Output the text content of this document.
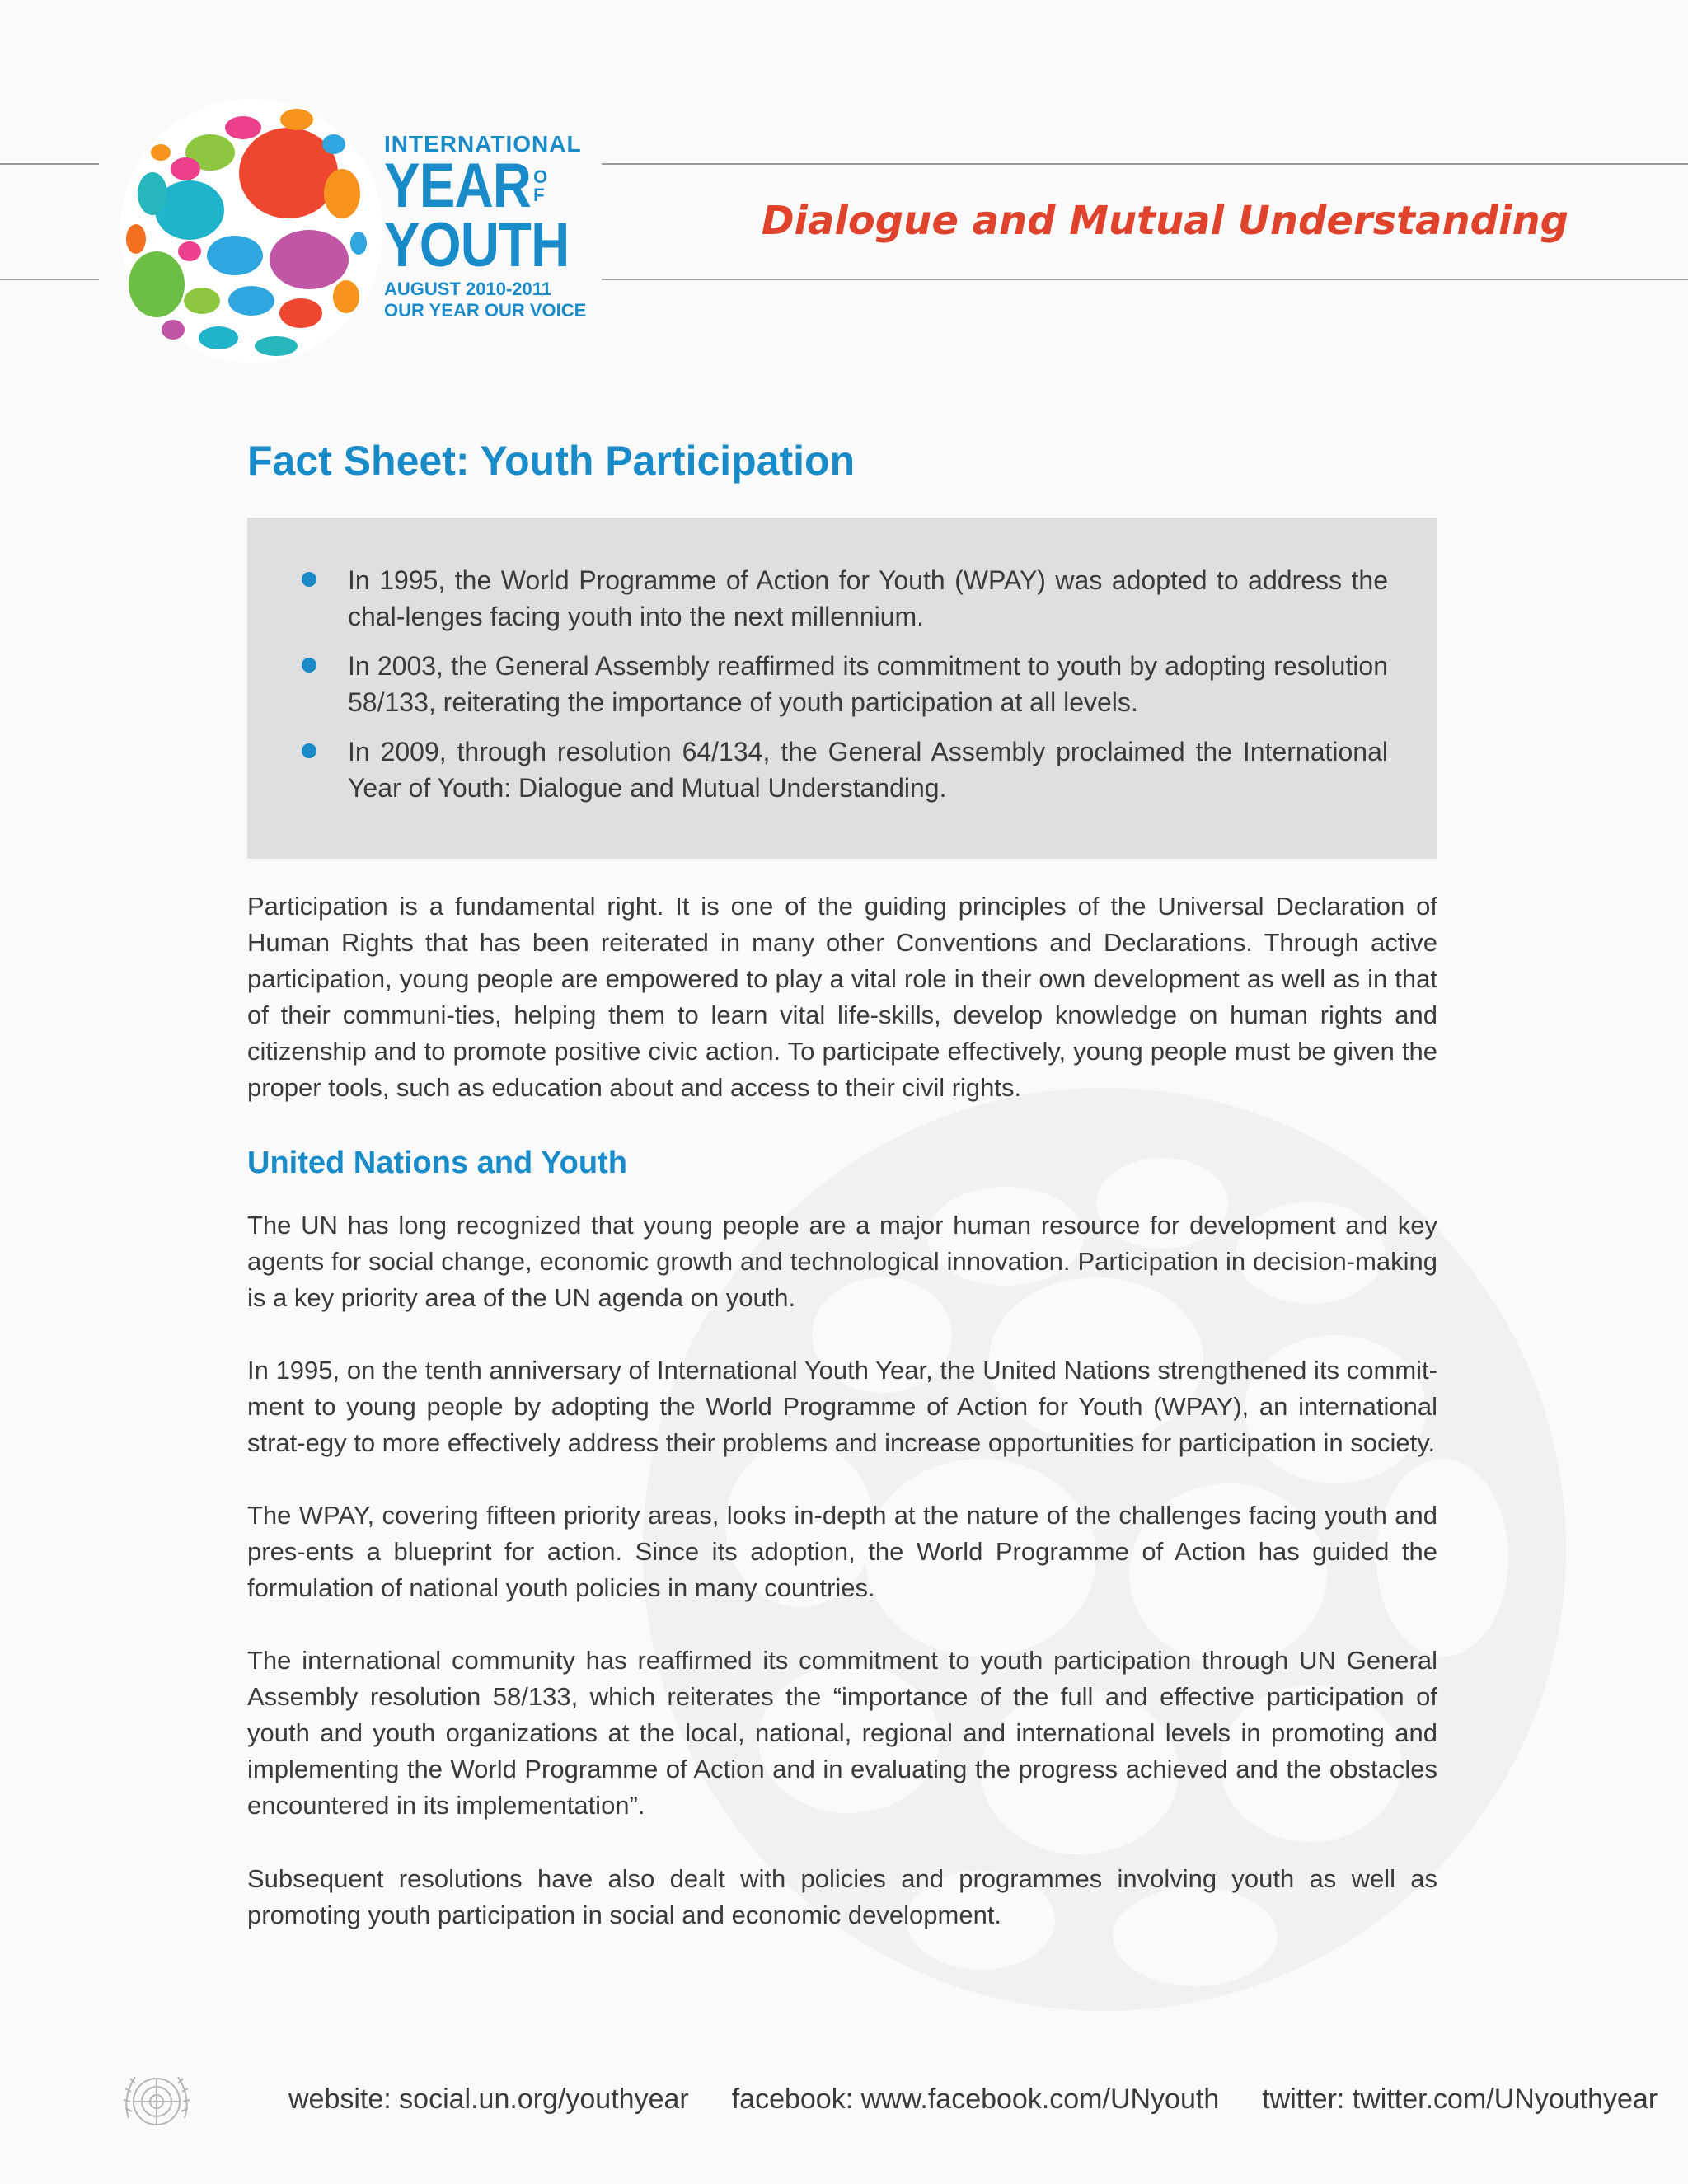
INTERNATIONAL
YEAR O
F
YOUTH
AUGUST 2010-2011
OUR YEAR OUR VOICE
Dialogue and Mutual Understanding
Fact Sheet: Youth Participation
In 1995, the World Programme of Action for Youth (WPAY) was adopted to address the chal-lenges facing youth into the next millennium.
In 2003, the General Assembly reaffirmed its commitment to youth by adopting resolution 58/133, reiterating the importance of youth participation at all levels.
In 2009, through resolution 64/134, the General Assembly proclaimed the International Year of Youth: Dialogue and Mutual Understanding.

Participation is a fundamental right. It is one of the guiding principles of the Universal Declaration of Human Rights that has been reiterated in many other Conventions and Declarations. Through active participation, young people are empowered to play a vital role in their own development as well as in that of their communi-ties, helping them to learn vital life-skills, develop knowledge on human rights and citizenship and to promote positive civic action. To participate effectively, young people must be given the proper tools, such as education about and access to their civil rights.

United Nations and Youth

The UN has long recognized that young people are a major human resource for development and key agents for social change, economic growth and technological innovation. Participation in decision-making is a key priority area of the UN agenda on youth.

In 1995, on the tenth anniversary of International Youth Year, the United Nations strengthened its commit-ment to young people by adopting the World Programme of Action for Youth (WPAY), an international strat-egy to more effectively address their problems and increase opportunities for participation in society.

The WPAY, covering fifteen priority areas, looks in-depth at the nature of the challenges facing youth and pres-ents a blueprint for action. Since its adoption, the World Programme of Action has guided the formulation of national youth policies in many countries.

The international community has reaffirmed its commitment to youth participation through UN General Assembly resolution 58/133, which reiterates the “importance of the full and effective participation of youth and youth organizations at the local, national, regional and international levels in promoting and implementing the World Programme of Action and in evaluating the progress achieved and the obstacles encountered in its implementation”.

Subsequent resolutions have also dealt with policies and programmes involving youth as well as promoting youth participation in social and economic development.

website: social.un.org/youthyear facebook: www.facebook.com/UNyouth twitter: twitter.com/UNyouthyear
